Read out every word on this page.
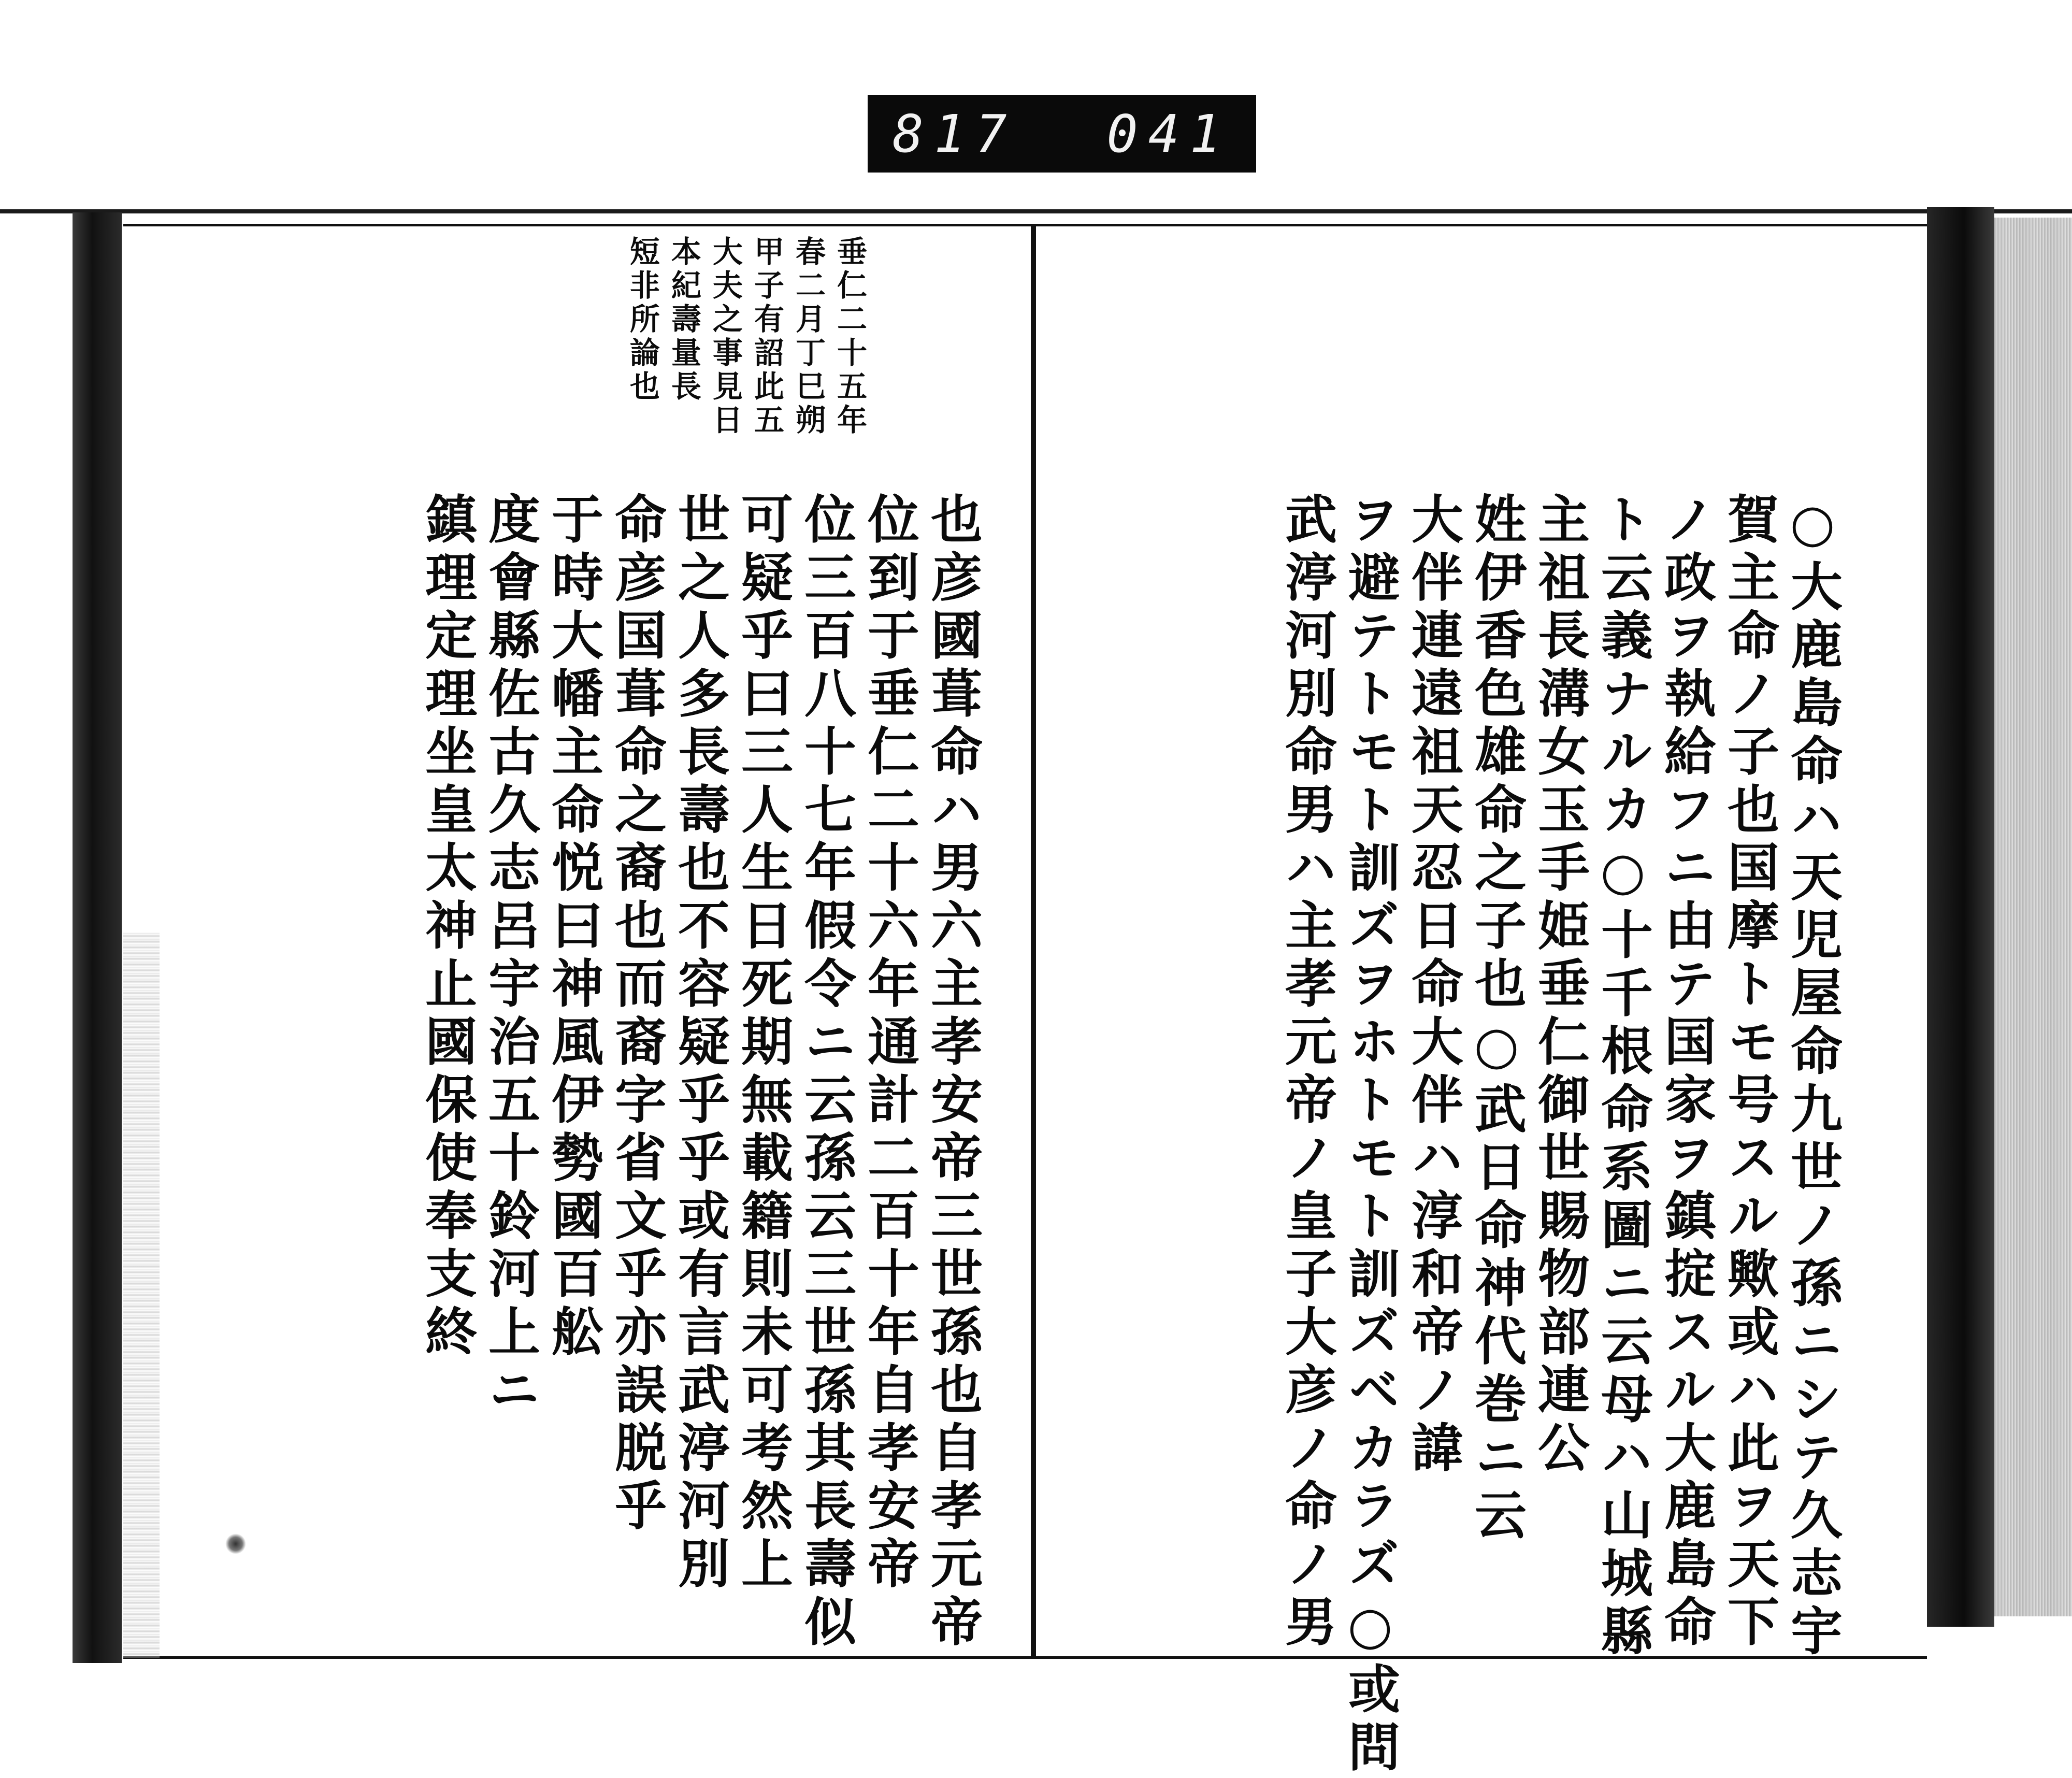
817 041
垂仁二十五年
春二月丁巳朔
甲子有詔此五
大夫之事見日
本紀壽量長
短非所論也
○大鹿島命ハ天児屋命九世ノ孫ニシテ久志宇
賀主命ノ子也国摩トモ号スル歟或ハ此ヲ天下
ノ政ヲ執給フニ由テ国家ヲ鎮掟スル大鹿島命
ト云義ナルカ○十千根命系圖ニ云母ハ山城縣
主祖長溝女玉手姫垂仁御世賜物部連公
姓伊香色雄命之子也○武日命神代巻ニ云
大伴連遠祖天忍日命大伴ハ淳和帝ノ諱
ヲ避テトモト訓ズヲホトモト訓ズベカラズ○或問
武渟河別命男ハ主孝元帝ノ皇子大彦ノ命ノ男
也彦國葺命ハ男六主孝安帝三世孫也自孝元帝
位到于垂仁二十六年通計二百十年自孝安帝
位三百八十七年假令ニ云孫云三世孫其長壽似
可疑乎曰三人生日死期無載籍則未可考然上
世之人多長壽也不容疑乎乎或有言武渟河別
命彦国葺命之裔也而裔字省文乎亦誤脱乎
于時大幡主命悦曰神風伊勢國百舩
度會縣佐古久志呂宇治五十鈴河上ニ
鎮理定理坐皇太神止國保使奉支終
